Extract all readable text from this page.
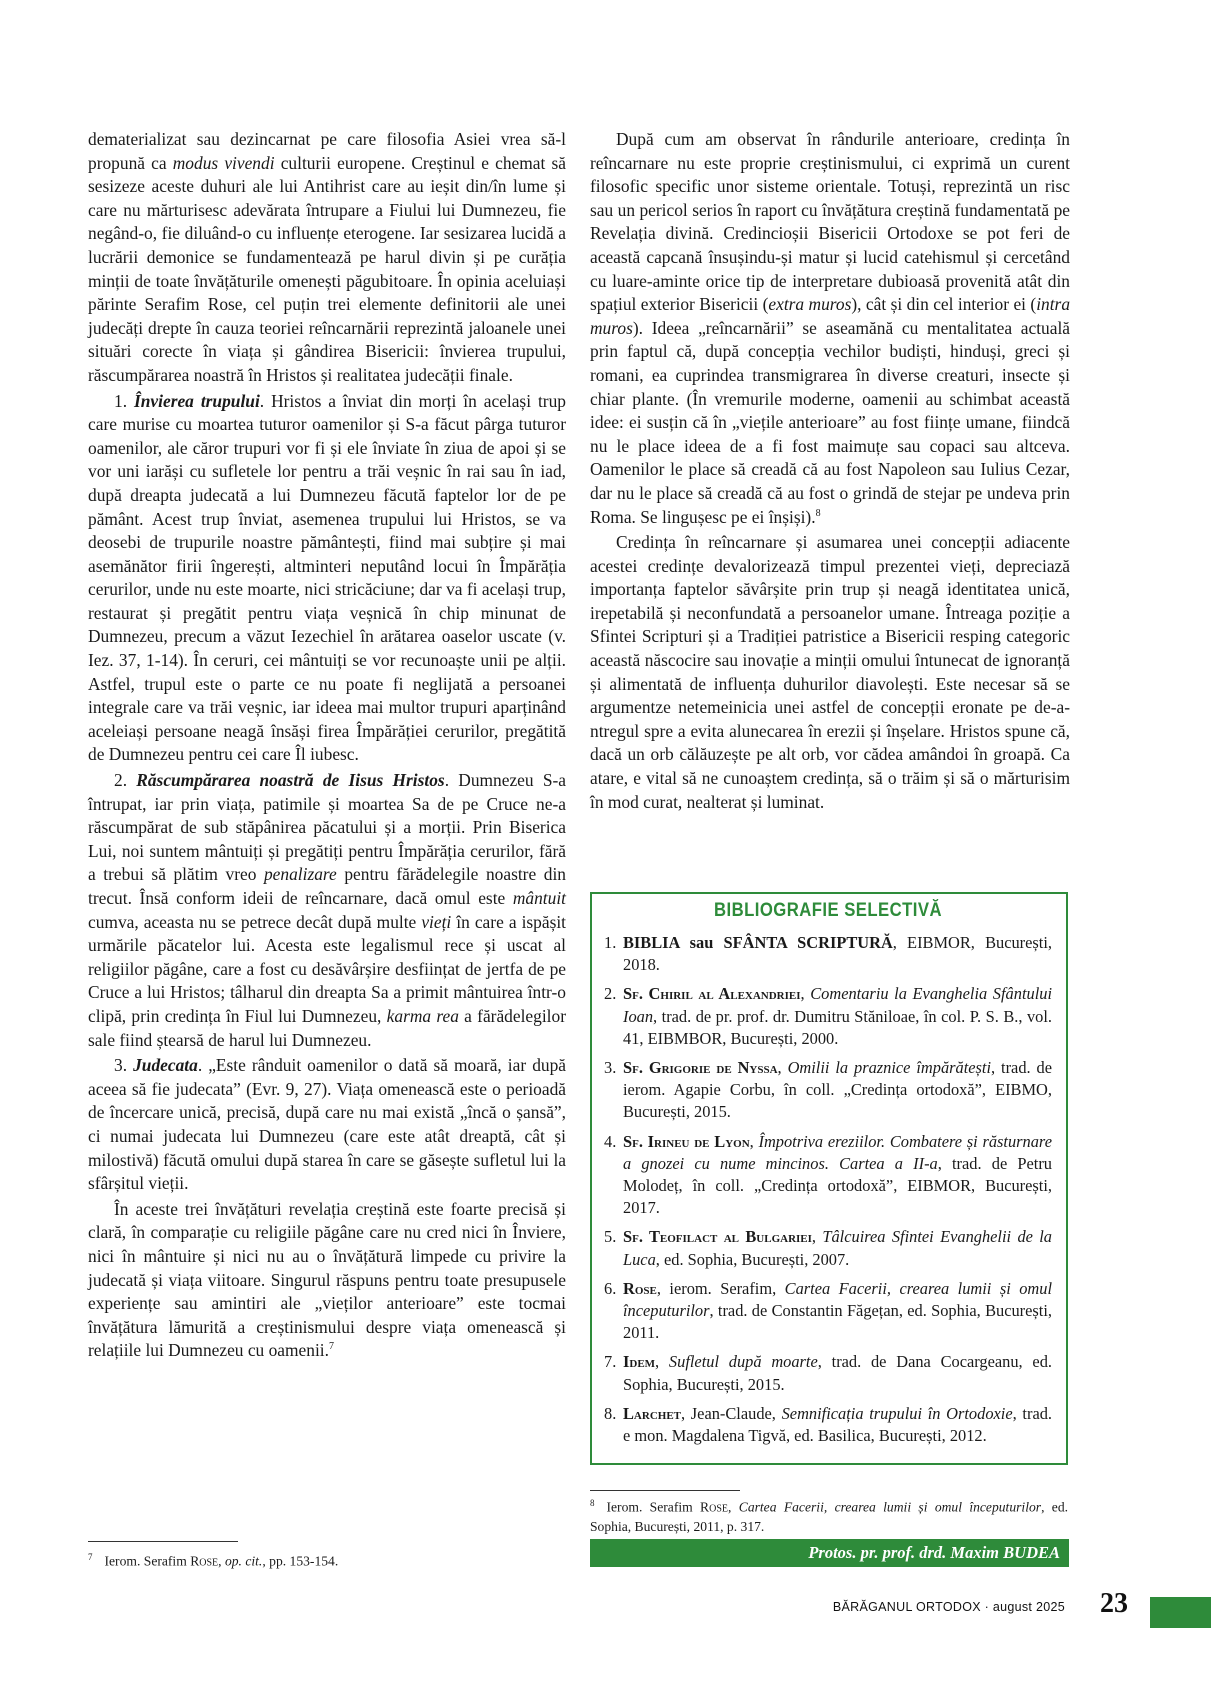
dematerializat sau dezincarnat pe care filosofia Asiei vrea să-l propună ca modus vivendi culturii europene. Creștinul e chemat să sesizeze aceste duhuri ale lui Antihrist care au ieșit din/în lume și care nu mărturisesc adevărata întrupare a Fiului lui Dumnezeu, fie negând-o, fie diluând-o cu influențe eterogene. Iar sesizarea lucidă a lucrării demonice se fundamentează pe harul divin și pe curăția minții de toate învățăturile omenești păgubitoare. În opinia aceluiași părinte Serafim Rose, cel puțin trei elemente definitorii ale unei judecăți drepte în cauza teoriei reîncarnării reprezintă jaloanele unei situări corecte în viața și gândirea Bisericii: învierea trupului, răscumpărarea noastră în Hristos și realitatea judecății finale.

1. Învierea trupului. Hristos a înviat din morți în același trup care murise cu moartea tuturor oamenilor și S-a făcut pârga tuturor oamenilor, ale căror trupuri vor fi și ele înviate în ziua de apoi și se vor uni iarăși cu sufletele lor pentru a trăi veșnic în rai sau în iad, după dreapta judecată a lui Dumnezeu făcută faptelor lor de pe pământ. Acest trup înviat, asemenea trupului lui Hristos, se va deosebi de trupurile noastre pământești, fiind mai subțire și mai asemănător firii îngerești, altminteri neputând locui în Împărăția cerurilor, unde nu este moarte, nici stricăciune; dar va fi același trup, restaurat și pregătit pentru viața veșnică în chip minunat de Dumnezeu, precum a văzut Iezechiel în arătarea oaselor uscate (v. Iez. 37, 1-14). În ceruri, cei mântuiți se vor recunoaște unii pe alții. Astfel, trupul este o parte ce nu poate fi neglijată a persoanei integrale care va trăi veșnic, iar ideea mai multor trupuri aparținând aceleiași persoane neagă însăși firea Împărăției cerurilor, pregătită de Dumnezeu pentru cei care Îl iubesc.

2. Răscumpărarea noastră de Iisus Hristos. Dumnezeu S-a întrupat, iar prin viața, patimile și moartea Sa de pe Cruce ne-a răscumpărat de sub stăpânirea păcatului și a morții. Prin Biserica Lui, noi suntem mântuiți și pregătiți pentru Împărăția cerurilor, fără a trebui să plătim vreo penalizare pentru fărădelegile noastre din trecut. Însă conform ideii de reîncarnare, dacă omul este mântuit cumva, aceasta nu se petrece decât după multe vieți în care a ispășit urmările păcatelor lui. Acesta este legalismul rece și uscat al religiilor păgâne, care a fost cu desăvârșire desființat de jertfa de pe Cruce a lui Hristos; tâlharul din dreapta Sa a primit mântuirea într-o clipă, prin credința în Fiul lui Dumnezeu, karma rea a fărădelegilor sale fiind ștearsă de harul lui Dumnezeu.

3. Judecata. „Este rânduit oamenilor o dată să moară, iar după aceea să fie judecata” (Evr. 9, 27). Viața omenească este o perioadă de încercare unică, precisă, după care nu mai există „încă o șansă”, ci numai judecata lui Dumnezeu (care este atât dreaptă, cât și milostivă) făcută omului după starea în care se găsește sufletul lui la sfârșitul vieții.

În aceste trei învățături revelația creștină este foarte precisă și clară, în comparație cu religiile păgâne care nu cred nici în Înviere, nici în mântuire și nici nu au o învățătură limpede cu privire la judecată și viața viitoare. Singurul răspuns pentru toate presupusele experiențe sau amintiri ale „vieților anterioare” este tocmai învățătura lămurită a creștinismului despre viața omenească și relațiile lui Dumnezeu cu oamenii.$^7$

După cum am observat în rândurile anterioare, credința în reîncarnare nu este proprie creștinismului, ci exprimă un curent filosofic specific unor sisteme orientale. Totuși, reprezintă un risc sau un pericol serios în raport cu învățătura creștină fundamentată pe Revelația divină. Credincioșii Bisericii Ortodoxe se pot feri de această capcană însușindu-și matur și lucid catehismul și cercetând cu luare-aminte orice tip de interpretare dubioasă provenită atât din spațiul exterior Bisericii (extra muros), cât și din cel interior ei (intra muros). Ideea „reîncarnării” se aseamănă cu mentalitatea actuală prin faptul că, după concepția vechilor budiști, hinduși, greci și romani, ea cuprindea transmigrarea în diverse creaturi, insecte și chiar plante. (În vremurile moderne, oamenii au schimbat această idee: ei susțin că în „viețile anterioare” au fost ființe umane, fiindcă nu le place ideea de a fi fost maimuțe sau copaci sau altceva. Oamenilor le place să creadă că au fost Napoleon sau Iulius Cezar, dar nu le place să creadă că au fost o grindă de stejar pe undeva prin Roma. Se lingușesc pe ei înșiși).$^8$

Credința în reîncarnare și asumarea unei concepții adiacente acestei credințe devalorizează timpul prezentei vieți, depreciază importanța faptelor săvârșite prin trup și neagă identitatea unică, irepetabilă și neconfundată a persoanelor umane. Întreaga poziție a Sfintei Scripturi și a Tradiției patristice a Bisericii resping categoric această născocire sau inovație a minții omului întunecat de ignoranță și alimentată de influența duhurilor diavolești. Este necesar să se argumentze netemeinicia unei astfel de concepții eronate pe de-a-ntregul spre a evita alunecarea în erezii și înșelare. Hristos spune că, dacă un orb călăuzește pe alt orb, vor cădea amândoi în groapă. Ca atare, e vital să ne cunoaștem credința, să o trăim și să o mărturisim în mod curat, nealterat și luminat.

BIBLIOGRAFIE SELECTIVĂ
1. BIBLIA sau SFÂNTA SCRIPTURĂ, EIBMOR, București, 2018.
2. Sf. Chiril al Alexandriei, Comentariu la Evanghelia Sfântului Ioan, trad. de pr. prof. dr. Dumitru Stăniloae, în col. P. S. B., vol. 41, EIBMBOR, București, 2000.
3. Sf. Grigorie de Nyssa, Omilii la praznice împărătești, trad. de ierom. Agapie Corbu, în coll. „Credința ortodoxă”, EIBMO, București, 2015.
4. Sf. Irineu de Lyon, Împotriva ereziilor. Combatere și răsturnare a gnozei cu nume mincinos. Cartea a II-a, trad. de Petru Molodeț, în coll. „Credința ortodoxă”, EIBMOR, București, 2017.
5. Sf. Teofilact al Bulgariei, Tâlcuirea Sfintei Evanghelii de la Luca, ed. Sophia, București, 2007.
6. Rose, ierom. Serafim, Cartea Facerii, crearea lumii și omul începuturilor, trad. de Constantin Făgețan, ed. Sophia, București, 2011.
7. Idem, Sufletul după moarte, trad. de Dana Cocargeanu, ed. Sophia, București, 2015.
8. Larchet, Jean-Claude, Semnificația trupului în Ortodoxie, trad. e mon. Magdalena Tigvă, ed. Basilica, București, 2012.
$^7$ Ierom. Serafim Rose, op. cit., pp. 153-154.
$^8$ Ierom. Serafim Rose, Cartea Facerii, crearea lumii și omul începuturilor, ed. Sophia, București, 2011, p. 317.
Protos. pr. prof. drd. Maxim BUDEA
BĂRĂGANUL ORTODOX · august 2025 23
